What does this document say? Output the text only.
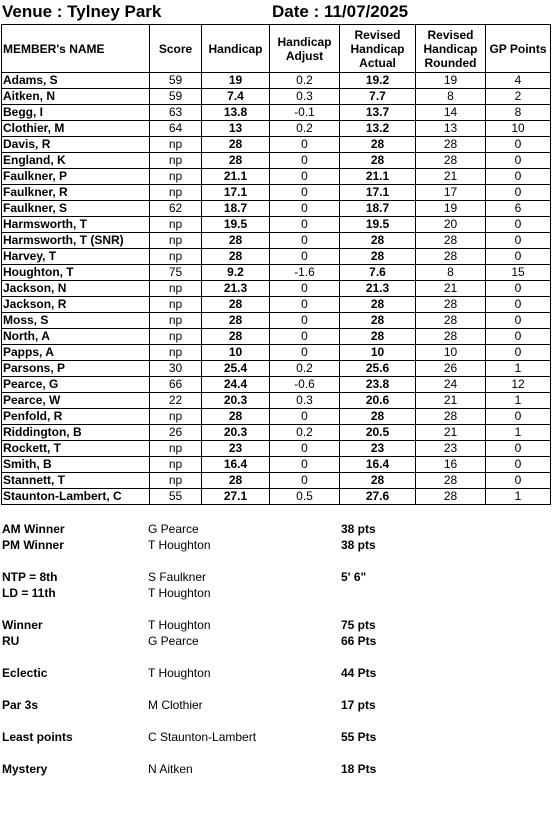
Venue : Tylney Park	Date : 11/07/2025
MEMBER's NAME	Score	Handicap	Handicap Adjust	Revised Handicap Actual	Revised Handicap Rounded	GP Points
Adams, S	59	19	0.2	19.2	19	4
Aitken, N	59	7.4	0.3	7.7	8	2
Begg, I	63	13.8	-0.1	13.7	14	8
Clothier, M	64	13	0.2	13.2	13	10
Davis, R	np	28	0	28	28	0
England, K	np	28	0	28	28	0
Faulkner, P	np	21.1	0	21.1	21	0
Faulkner, R	np	17.1	0	17.1	17	0
Faulkner, S	62	18.7	0	18.7	19	6
Harmsworth, T	np	19.5	0	19.5	20	0
Harmsworth, T (SNR)	np	28	0	28	28	0
Harvey, T	np	28	0	28	28	0
Houghton, T	75	9.2	-1.6	7.6	8	15
Jackson, N	np	21.3	0	21.3	21	0
Jackson, R	np	28	0	28	28	0
Moss, S	np	28	0	28	28	0
North, A	np	28	0	28	28	0
Papps, A	np	10	0	10	10	0
Parsons, P	30	25.4	0.2	25.6	26	1
Pearce, G	66	24.4	-0.6	23.8	24	12
Pearce, W	22	20.3	0.3	20.6	21	1
Penfold, R	np	28	0	28	28	0
Riddington, B	26	20.3	0.2	20.5	21	1
Rockett, T	np	23	0	23	23	0
Smith, B	np	16.4	0	16.4	16	0
Stannett, T	np	28	0	28	28	0
Staunton-Lambert, C	55	27.1	0.5	27.6	28	1
AM Winner	G Pearce	38 pts
PM Winner	T Houghton	38 pts
NTP = 8th	S Faulkner	5' 6"
LD = 11th	T Houghton
Winner	T Houghton	75 pts
RU	G Pearce	66 Pts
Eclectic	T Houghton	44 Pts
Par 3s	M Clothier	17 pts
Least points	C Staunton-Lambert	55 Pts
Mystery	N Aitken	18 Pts
